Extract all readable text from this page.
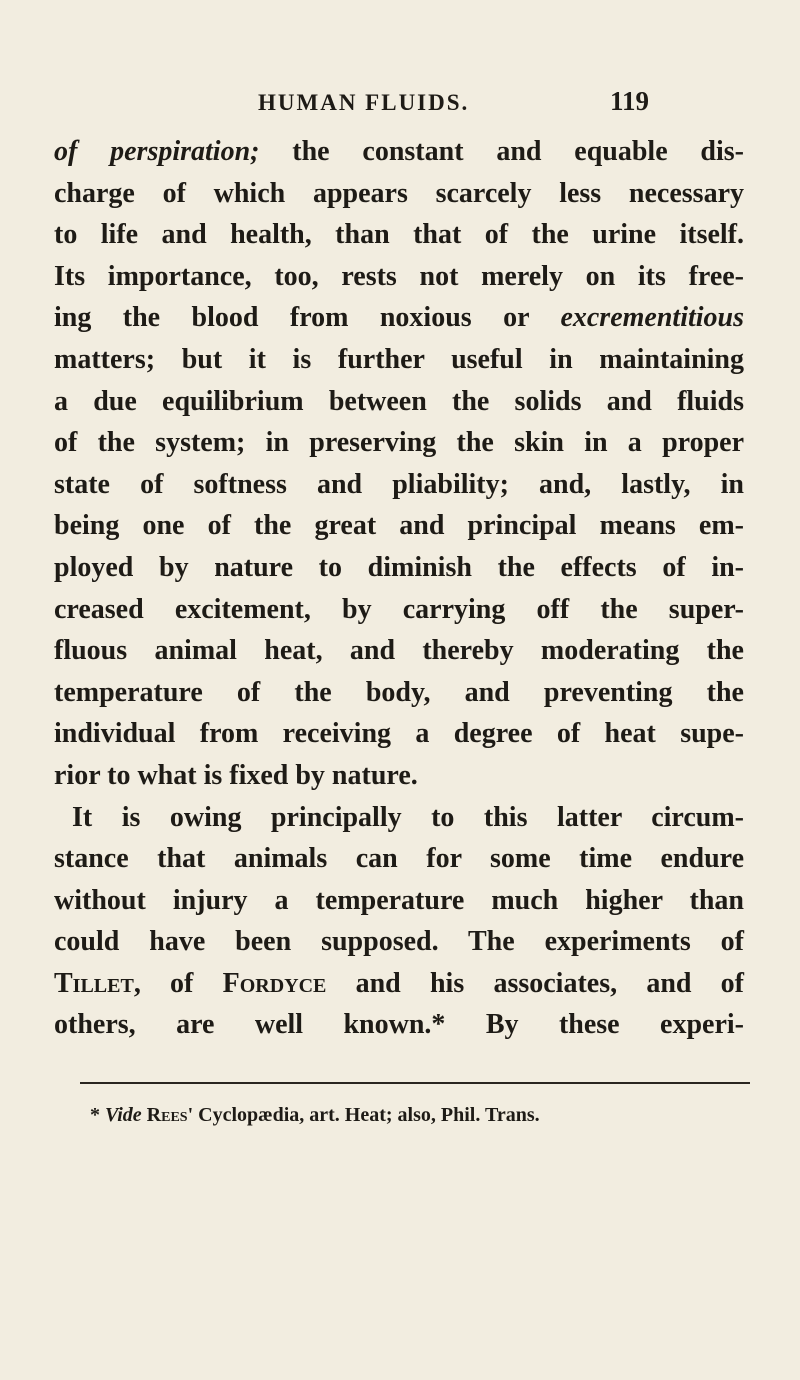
HUMAN FLUIDS.	119
of perspiration; the constant and equable dis-
charge of which appears scarcely less necessary
to life and health, than that of the urine itself.
Its importance, too, rests not merely on its free-
ing the blood from noxious or excrementitious
matters; but it is further useful in maintaining
a due equilibrium between the solids and fluids
of the system; in preserving the skin in a proper
state of softness and pliability; and, lastly, in
being one of the great and principal means em-
ployed by nature to diminish the effects of in-
creased excitement, by carrying off the super-
fluous animal heat, and thereby moderating the
temperature of the body, and preventing the
individual from receiving a degree of heat supe-
rior to what is fixed by nature.
It is owing principally to this latter circum-
stance that animals can for some time endure
without injury a temperature much higher than
could have been supposed. The experiments of
Tillet, of Fordyce and his associates, and of
others, are well known.* By these experi-
* Vide Rees' Cyclopædia, art. Heat; also, Phil. Trans.
